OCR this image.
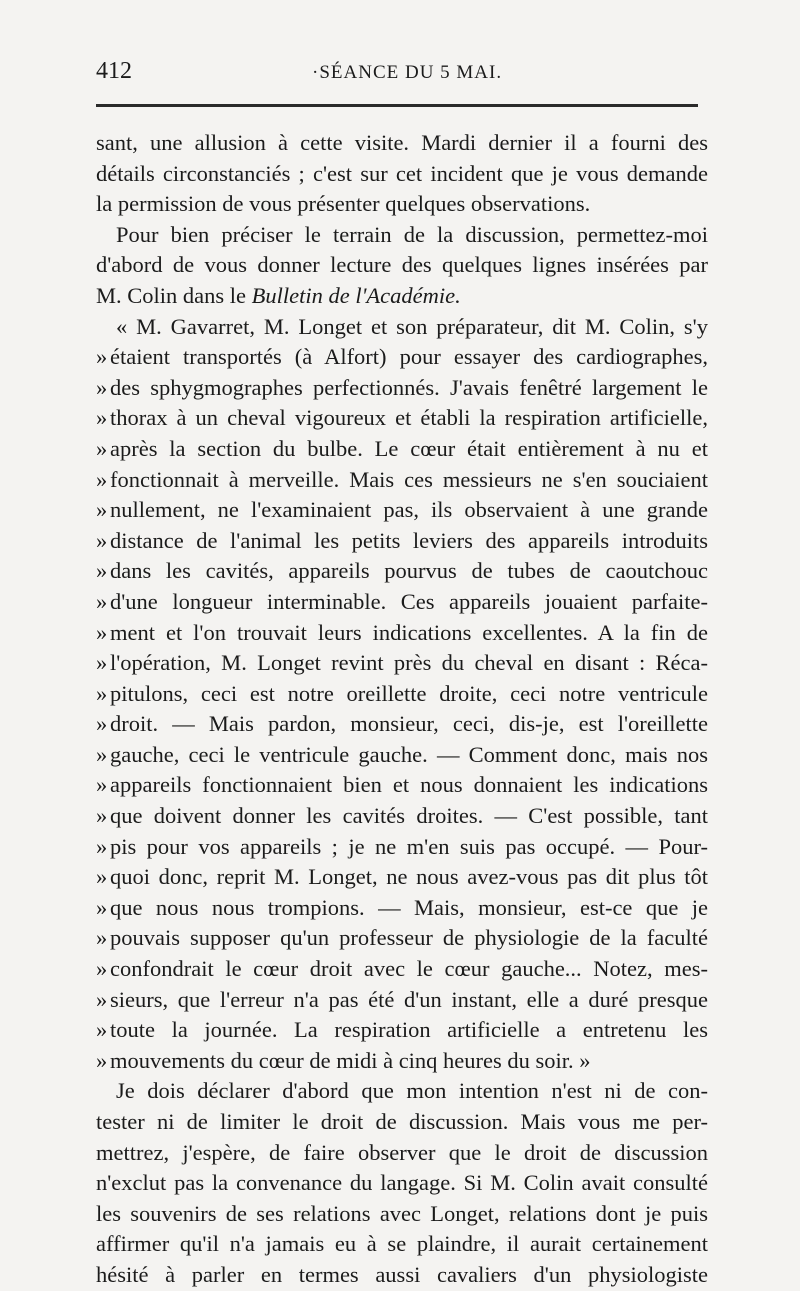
412	·SÉANCE DU 5 MAI.
sant, une allusion à cette visite. Mardi dernier il a fourni des
détails circonstanciés ; c'est sur cet incident que je vous demande
la permission de vous présenter quelques observations.
Pour bien préciser le terrain de la discussion, permettez-moi
d'abord de vous donner lecture des quelques lignes insérées par
M. Colin dans le Bulletin de l'Académie.
« M. Gavarret, M. Longet et son préparateur, dit M. Colin, s'y
» étaient transportés (à Alfort) pour essayer des cardiographes,
» des sphygmographes perfectionnés. J'avais fenêtré largement le
» thorax à un cheval vigoureux et établi la respiration artificielle,
» après la section du bulbe. Le cœur était entièrement à nu et
» fonctionnait à merveille. Mais ces messieurs ne s'en souciaient
» nullement, ne l'examinaient pas, ils observaient à une grande
» distance de l'animal les petits leviers des appareils introduits
» dans les cavités, appareils pourvus de tubes de caoutchouc
» d'une longueur interminable. Ces appareils jouaient parfaite-
» ment et l'on trouvait leurs indications excellentes. A la fin de
» l'opération, M. Longet revint près du cheval en disant : Réca-
» pitulons, ceci est notre oreillette droite, ceci notre ventricule
» droit. — Mais pardon, monsieur, ceci, dis-je, est l'oreillette
» gauche, ceci le ventricule gauche. — Comment donc, mais nos
» appareils fonctionnaient bien et nous donnaient les indications
» que doivent donner les cavités droites. — C'est possible, tant
» pis pour vos appareils ; je ne m'en suis pas occupé. — Pour-
» quoi donc, reprit M. Longet, ne nous avez-vous pas dit plus tôt
» que nous nous trompions. — Mais, monsieur, est-ce que je
» pouvais supposer qu'un professeur de physiologie de la faculté
» confondrait le cœur droit avec le cœur gauche... Notez, mes-
» sieurs, que l'erreur n'a pas été d'un instant, elle a duré presque
» toute la journée. La respiration artificielle a entretenu les
» mouvements du cœur de midi à cinq heures du soir. »
Je dois déclarer d'abord que mon intention n'est ni de con-
tester ni de limiter le droit de discussion. Mais vous me per-
mettrez, j'espère, de faire observer que le droit de discussion
n'exclut pas la convenance du langage. Si M. Colin avait consulté
les souvenirs de ses relations avec Longet, relations dont je puis
affirmer qu'il n'a jamais eu à se plaindre, il aurait certainement
hésité à parler en termes aussi cavaliers d'un physiologiste
